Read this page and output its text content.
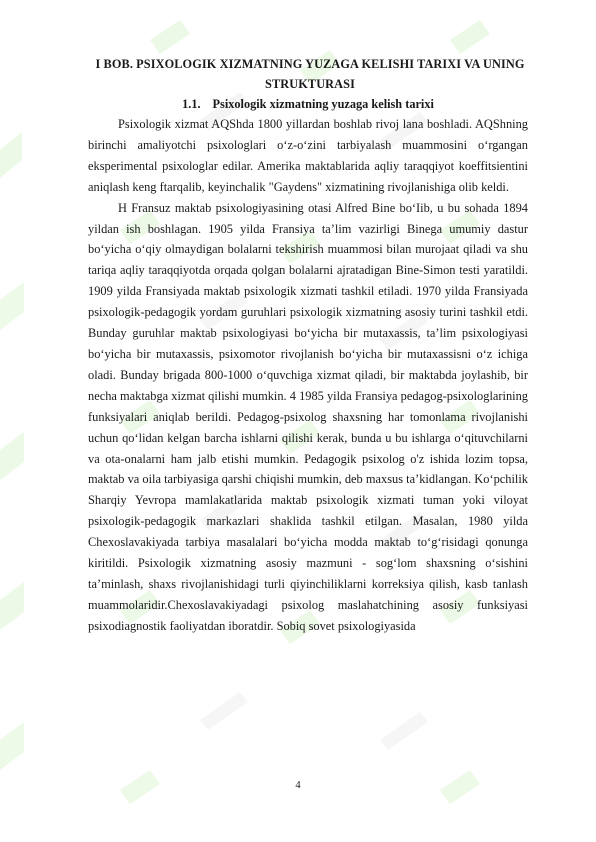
I BOB. PSIXOLOGIK XIZMATNING YUZAGA KELISHI TARIXI VA UNING STRUKTURASI

1.1. Psixologik xizmatning yuzaga kelish tarixi

Psixologik xizmat AQShda 1800 yillardan boshlab rivoj lana boshladi. AQShning birinchi amaliyotchi psixologlari o‘z-o‘zini tarbiyalash muammosini o‘rgangan eksperimental psixologlar edilar. Amerika maktablarida aqliy taraqqiyot koeffitsientini aniqlash keng ftarqalib, keyinchalik "Gaydens" xizmatining rivojlanishiga olib keldi.

H Fransuz maktab psixologiyasining otasi Alfred Bine bo‘Iib, u bu sohada 1894 yildan ish boshlagan. 1905 yilda Fransiya ta’lim vazirligi Binega umumiy dastur bo‘yicha o‘qiy olmaydigan bolalarni tekshirish muammosi bilan murojaat qiladi va shu tariqa aqliy taraqqiyotda orqada qolgan bolalarni ajratadigan Bine-Simon testi yaratildi. 1909 yilda Fransiyada maktab psixologik xizmati tashkil etiladi. 1970 yilda Fransiyada psixologik-pedagogik yordam guruhlari psixologik xizmatning asosiy turini tashkil etdi. Bunday guruhlar maktab psixologiyasi bo‘yicha bir mutaxassis, ta’lim psixologiyasi bo‘yicha bir mutaxassis, psixomotor rivojlanish bo‘yicha bir mutaxassisni o‘z ichiga oladi. Bunday brigada 800-1000 o‘quvchiga xizmat qiladi, bir maktabda joylashib, bir necha maktabga xizmat qilishi mumkin. 4 1985 yilda Fransiya pedagog-psixologlarining funksiyalari aniqlab berildi. Pedagog-psixolog shaxsning har tomonlama rivojlanishi uchun qo‘lidan kelgan barcha ishlarni qilishi kerak, bunda u bu ishlarga o‘qituvchilarni va ota-onalarni ham jalb etishi mumkin. Pedagogik psixolog o'z ishida lozim topsa, maktab va oila tarbiyasiga qarshi chiqishi mumkin, deb maxsus ta’kidlangan. Ko‘pchilik Sharqiy Yevropa mamlakatlarida maktab psixologik xizmati tuman yoki viloyat psixologik-pedagogik markazlari shaklida tashkil etilgan. Masalan, 1980 yilda Chexoslavakiyada tarbiya masalalari bo‘yicha modda maktab to‘g‘risidagi qonunga kiritildi. Psixologik xizmatning asosiy mazmuni - sog‘lom shaxsning o‘sishini ta’minlash, shaxs rivojlanishidagi turli qiyinchiliklarni korreksiya qilish, kasb tanlash muammolaridir.Chexoslavakiyadagi psixolog maslahatchining asosiy funksiyasi psixodiagnostik faoliyatdan iboratdir. Sobiq sovet psixologiyasida

4
